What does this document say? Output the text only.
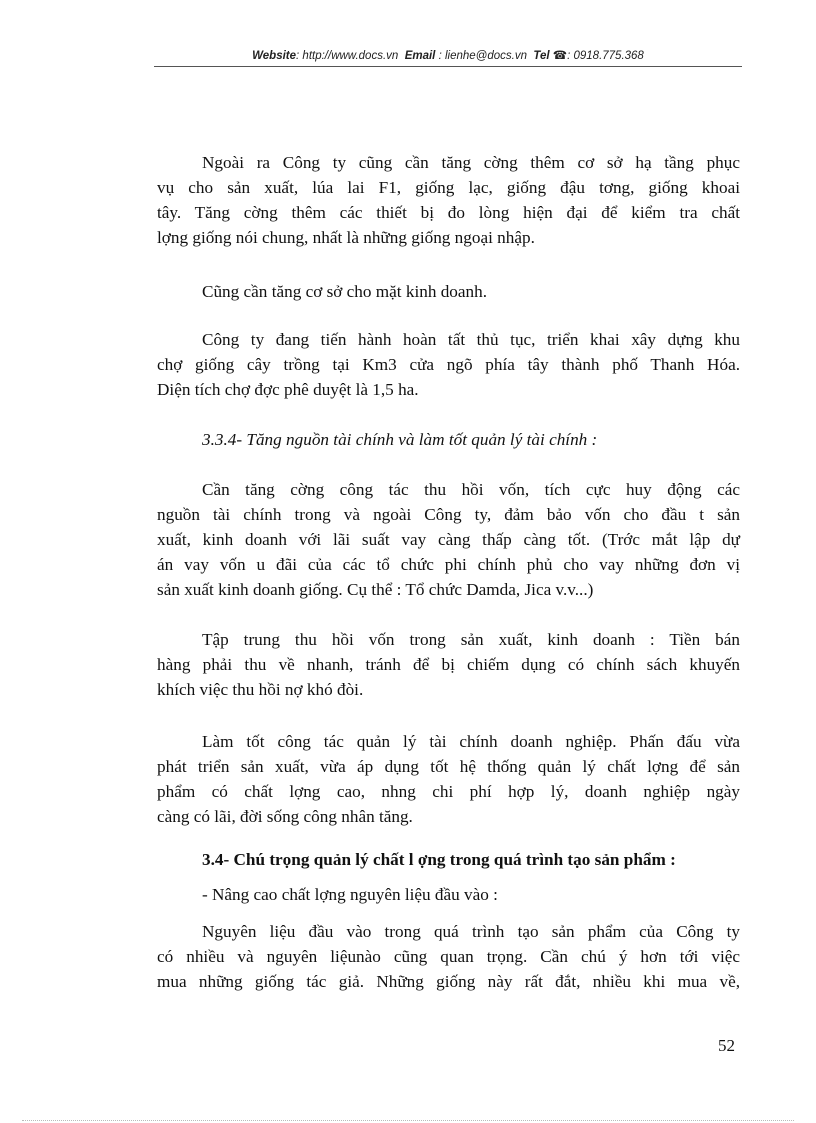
Website: http://www.docs.vn Email : lienhe@docs.vn Tel ☎: 0918.775.368
Ngoài ra Công ty cũng cần tăng cờng thêm cơ sở hạ tầng phục
vụ cho sản xuất, lúa lai F1, giống lạc, giống đậu tơng, giống khoai
tây. Tăng cờng thêm các thiết bị đo lòng hiện đại để kiểm tra chất
lợng giống nói chung, nhất là những giống ngoại nhập.
Cũng cần tăng cơ sở cho mặt kinh doanh.
Công ty đang tiến hành hoàn tất thủ tục, triển khai xây dựng khu
chợ giống cây trồng tại Km3 cửa ngõ phía tây thành phố Thanh Hóa.
Diện tích chợ đợc phê duyệt là 1,5 ha.
3.3.4- Tăng nguồn tài chính và làm tốt quản lý tài chính :
Cần tăng cờng công tác thu hồi vốn, tích cực huy động các
nguồn tài chính trong và ngoài Công ty, đảm bảo vốn cho đầu t sản
xuất, kinh doanh với lãi suất vay càng thấp càng tốt. (Trớc mắt lập dự
án vay vốn u đãi của các tổ chức phi chính phủ cho vay những đơn vị
sản xuất kinh doanh giống. Cụ thể : Tổ chức Damda, Jica v.v...)
Tập trung thu hồi vốn trong sản xuất, kinh doanh : Tiền bán
hàng phải thu về nhanh, tránh để bị chiếm dụng có chính sách khuyến
khích việc thu hồi nợ khó đòi.
Làm tốt công tác quản lý tài chính doanh nghiệp. Phấn đấu vừa
phát triển sản xuất, vừa áp dụng tốt hệ thống quản lý chất lợng để sản
phẩm có chất lợng cao, nhng chi phí hợp lý, doanh nghiệp ngày
càng có lãi, đời sống công nhân tăng.
3.4- Chú trọng quản lý chất l ợng trong quá trình tạo sản phẩm :
- Nâng cao chất lợng nguyên liệu đầu vào :
Nguyên liệu đầu vào trong quá trình tạo sản phẩm của Công ty
có nhiều và nguyên liệunào cũng quan trọng. Cần chú ý hơn tới việc
mua những giống tác giả. Những giống này rất đắt, nhiều khi mua về,
52
